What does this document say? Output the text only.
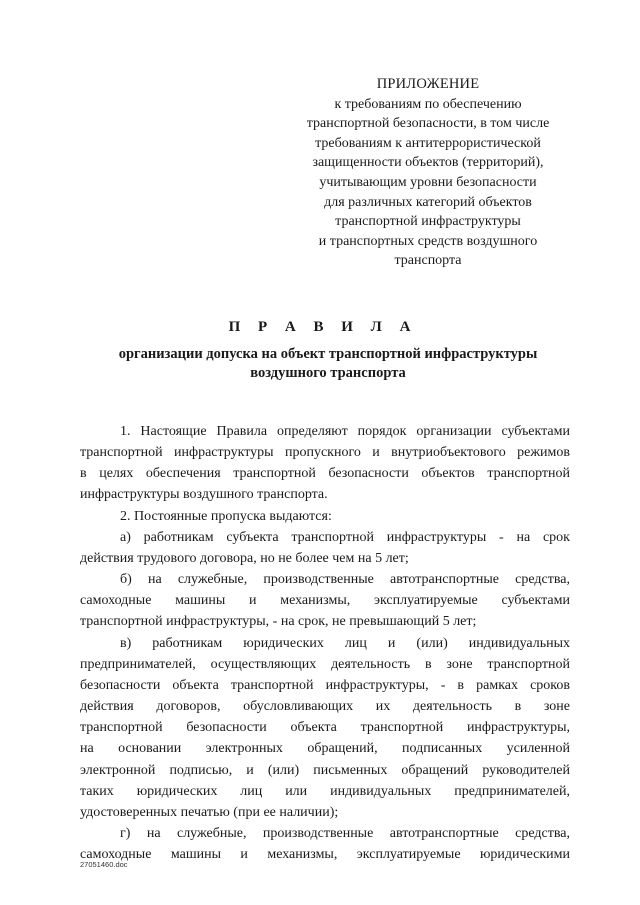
ПРИЛОЖЕНИЕ
к требованиям по обеспечению
транспортной безопасности, в том числе
требованиям к антитеррористической
защищенности объектов (территорий),
учитывающим уровни безопасности
для различных категорий объектов
транспортной инфраструктуры
и транспортных средств воздушного
транспорта
П Р А В И Л А
организации допуска на объект транспортной инфраструктуры
воздушного транспорта
1. Настоящие Правила определяют порядок организации субъектами
транспортной инфраструктуры пропускного и внутриобъектового режимов
в целях обеспечения транспортной безопасности объектов транспортной
инфраструктуры воздушного транспорта.
2. Постоянные пропуска выдаются:
а) работникам субъекта транспортной инфраструктуры - на срок
действия трудового договора, но не более чем на 5 лет;
б) на служебные, производственные автотранспортные средства,
самоходные машины и механизмы, эксплуатируемые субъектами
транспортной инфраструктуры, - на срок, не превышающий 5 лет;
в) работникам юридических лиц и (или) индивидуальных
предпринимателей, осуществляющих деятельность в зоне транспортной
безопасности объекта транспортной инфраструктуры, - в рамках сроков
действия договоров, обусловливающих их деятельность в зоне
транспортной безопасности объекта транспортной инфраструктуры,
на основании электронных обращений, подписанных усиленной
электронной подписью, и (или) письменных обращений руководителей
таких юридических лиц или индивидуальных предпринимателей,
удостоверенных печатью (при ее наличии);
г) на служебные, производственные автотранспортные средства,
самоходные машины и механизмы, эксплуатируемые юридическими
27051460.doc
